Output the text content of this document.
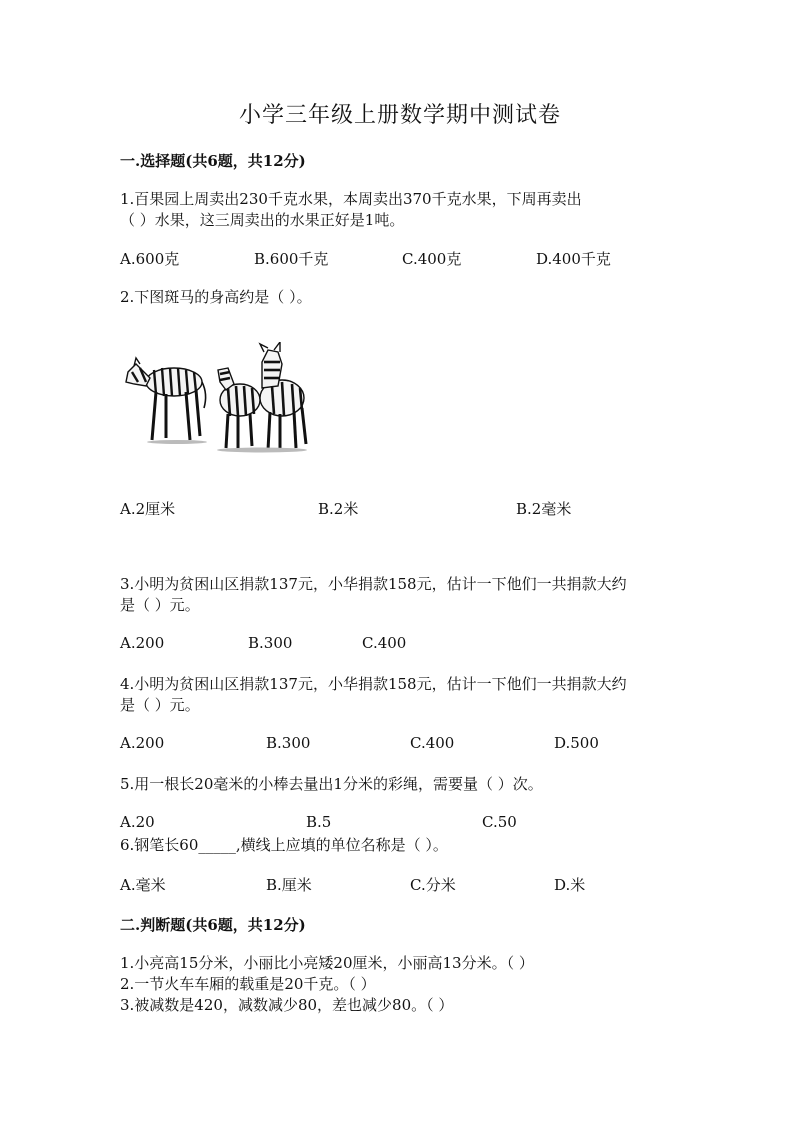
小学三年级上册数学期中测试卷
一.选择题(共6题，共12分)
1.百果园上周卖出230千克水果，本周卖出370千克水果，下周再卖出
（ ）水果，这三周卖出的水果正好是1吨。
A.600克	B.600千克	C.400克	D.400千克
2.下图斑马的身高约是（ ）。
A.2厘米	B.2米	B.2毫米
3.小明为贫困山区捐款137元，小华捐款158元，估计一下他们一共捐款大约
是（ ）元。
A.200	B.300	C.400
4.小明为贫困山区捐款137元，小华捐款158元，估计一下他们一共捐款大约
是（ ）元。
A.200	B.300	C.400	D.500
5.用一根长20毫米的小棒去量出1分米的彩绳，需要量（ ）次。
A.20	B.5	C.50
6.钢笔长60_____,横线上应填的单位名称是（ ）。
A.毫米	B.厘米	C.分米	D.米
二.判断题(共6题，共12分)
1.小亮高15分米，小丽比小亮矮20厘米，小丽高13分米。（ ）
2.一节火车车厢的载重是20千克。（ ）
3.被减数是420，减数减少80，差也减少80。（ ）
